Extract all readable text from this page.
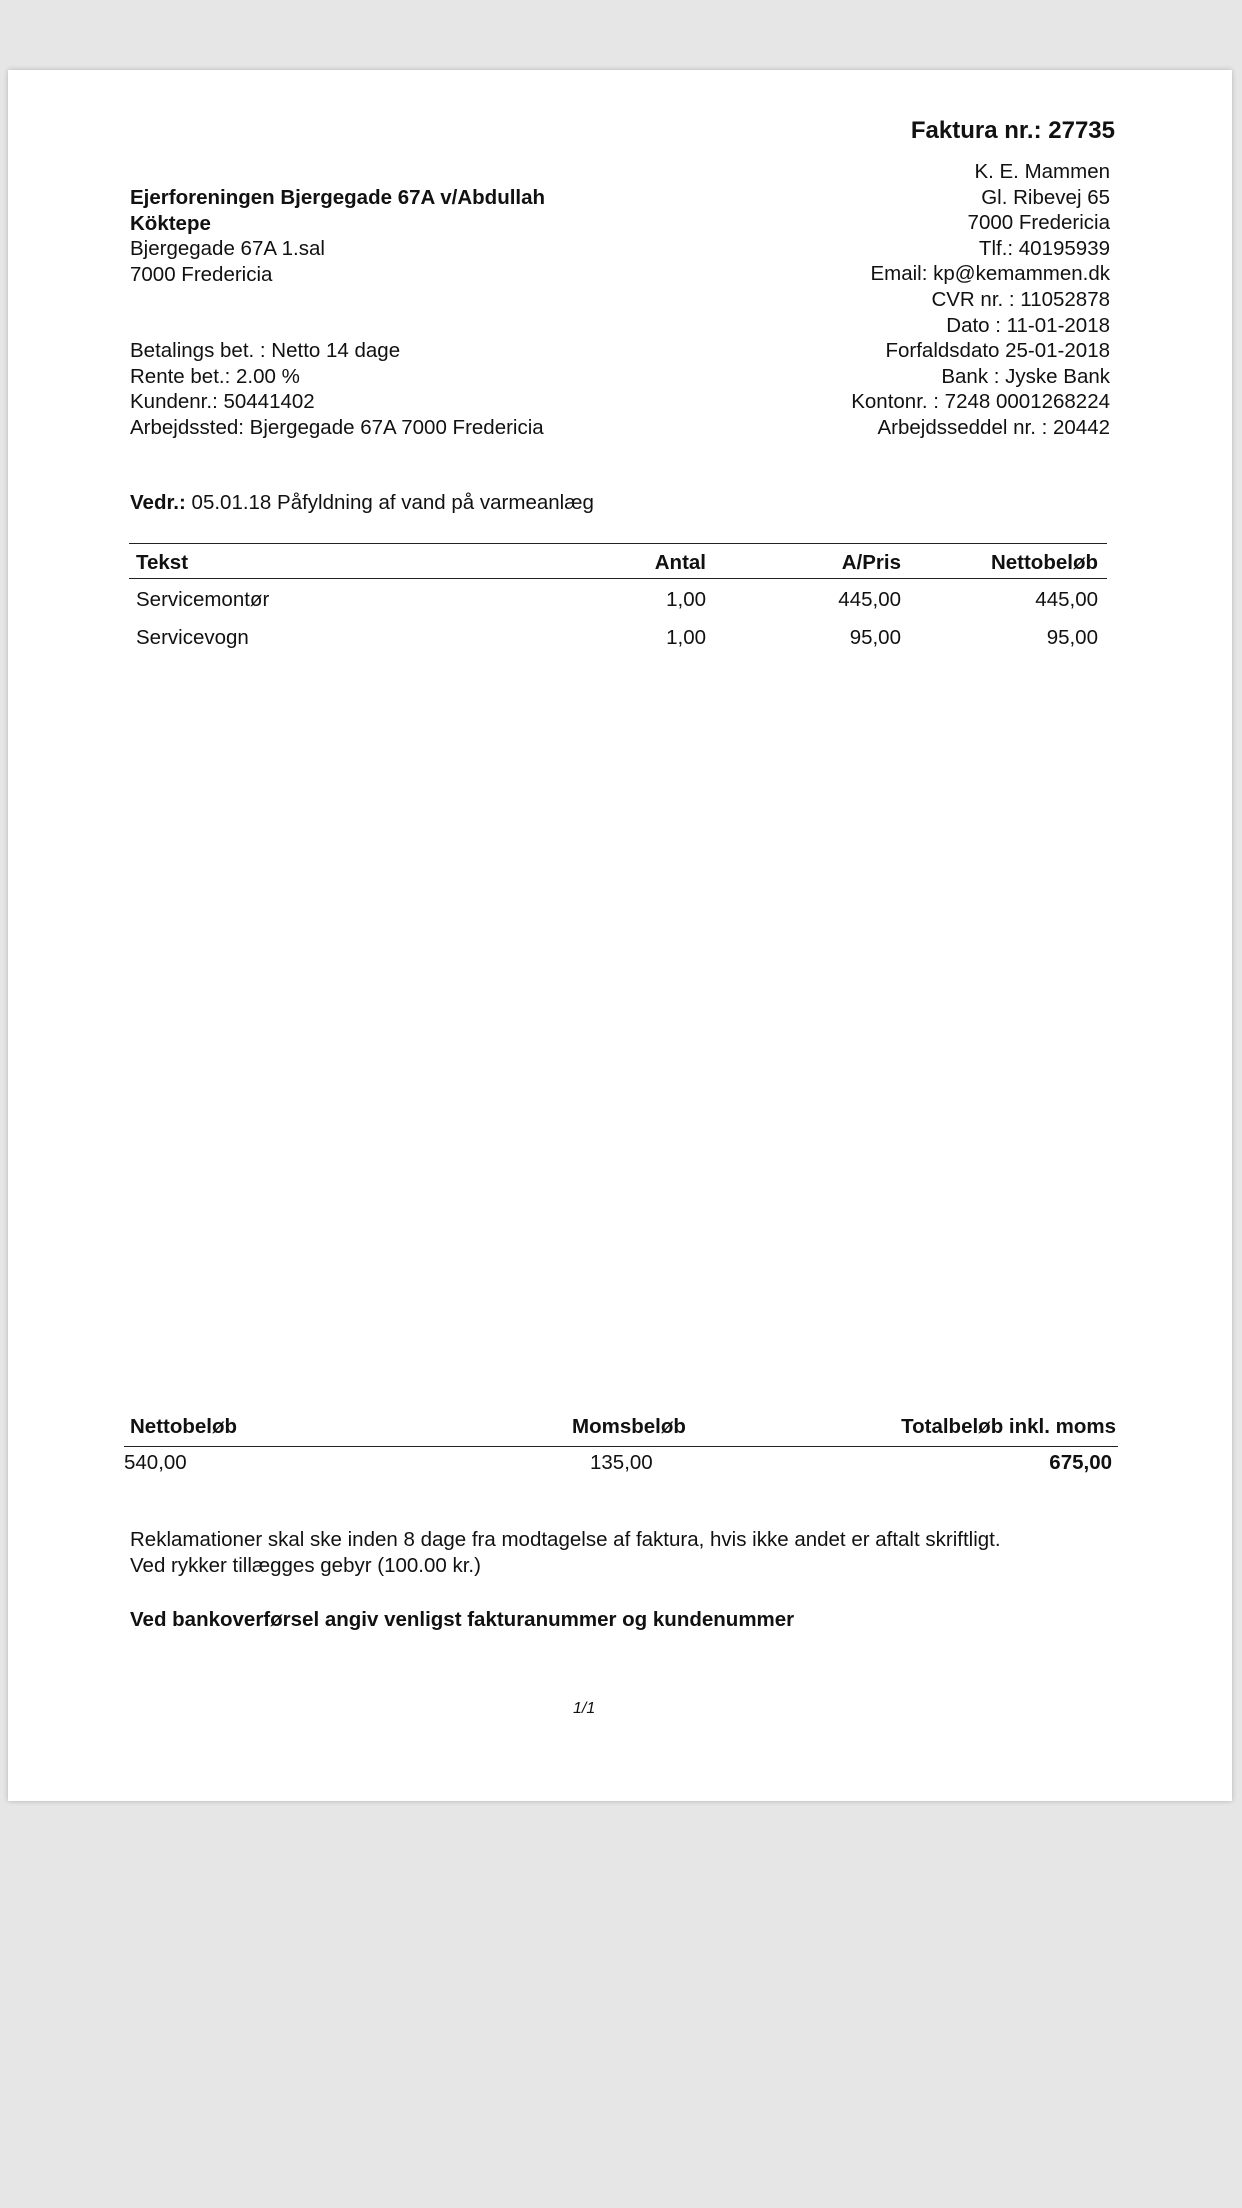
Faktura nr.: 27735
K. E. Mammen
Gl. Ribevej 65
7000 Fredericia
Tlf.: 40195939
Email: kp@kemammen.dk
CVR nr. : 11052878
Dato : 11-01-2018
Ejerforeningen Bjergegade 67A v/Abdullah
Köktepe
Bjergegade 67A 1.sal
7000 Fredericia
Betalings bet. : Netto 14 dage
Rente bet.: 2.00 %
Kundenr.: 50441402
Arbejdssted: Bjergegade 67A 7000 Fredericia
Forfaldsdato 25-01-2018
Bank : Jyske Bank
Kontonr. : 7248 0001268224
Arbejdsseddel nr. : 20442
Vedr.: 05.01.18 Påfyldning af vand på varmeanlæg
Tekst	Antal	A/Pris	Nettobeløb
Servicemontør	1,00	445,00	445,00
Servicevogn	1,00	95,00	95,00
Nettobeløb	Momsbeløb	Totalbeløb inkl. moms
540,00	135,00	675,00
Reklamationer skal ske inden 8 dage fra modtagelse af faktura, hvis ikke andet er aftalt skriftligt.
Ved rykker tillægges gebyr (100.00 kr.)
Ved bankoverførsel angiv venligst fakturanummer og kundenummer
1/1
